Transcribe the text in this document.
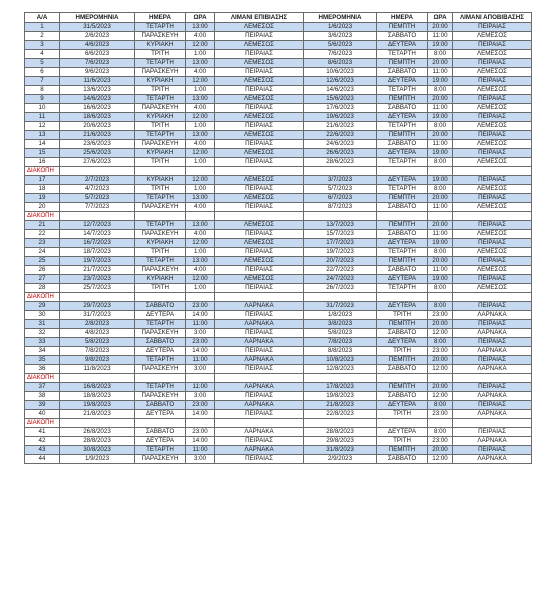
Α/Α	ΗΜΕΡΟΜΗΝΙΑ	ΗΜΕΡΑ	ΩΡΑ	ΛΙΜΑΝΙ ΕΠΙΒΙΑΣΗΣ	ΗΜΕΡΟΜΗΝΙΑ	ΗΜΕΡΑ	ΩΡΑ	ΛΙΜΑΝΙ ΑΠΟΒΙΒΑΣΗΣ
1	31/5/2023	ΤΕΤΑΡΤΗ	13:00	ΛΕΜΕΣΟΣ	1/6/2023	ΠΕΜΠΤΗ	20:00	ΠΕΙΡΑΙΑΣ
2	2/6/2023	ΠΑΡΑΣΚΕΥΗ	4:00	ΠΕΙΡΑΙΑΣ	3/6/2023	ΣΑΒΒΑΤΟ	11:00	ΛΕΜΕΣΟΣ
3	4/6/2023	ΚΥΡΙΑΚΗ	12:00	ΛΕΜΕΣΟΣ	5/6/2023	ΔΕΥΤΕΡΑ	19:00	ΠΕΙΡΑΙΑΣ
4	6/6/2023	ΤΡΙΤΗ	1:00	ΠΕΙΡΑΙΑΣ	7/6/2023	ΤΕΤΑΡΤΗ	8:00	ΛΕΜΕΣΟΣ
5	7/6/2023	ΤΕΤΑΡΤΗ	13:00	ΛΕΜΕΣΟΣ	8/6/2023	ΠΕΜΠΤΗ	20:00	ΠΕΙΡΑΙΑΣ
6	9/6/2023	ΠΑΡΑΣΚΕΥΗ	4:00	ΠΕΙΡΑΙΑΣ	10/6/2023	ΣΑΒΒΑΤΟ	11:00	ΛΕΜΕΣΟΣ
7	11/6/2023	ΚΥΡΙΑΚΗ	12:00	ΛΕΜΕΣΟΣ	12/6/2023	ΔΕΥΤΕΡΑ	19:00	ΠΕΙΡΑΙΑΣ
8	13/6/2023	ΤΡΙΤΗ	1:00	ΠΕΙΡΑΙΑΣ	14/6/2023	ΤΕΤΑΡΤΗ	8:00	ΛΕΜΕΣΟΣ
9	14/6/2023	ΤΕΤΑΡΤΗ	13:00	ΛΕΜΕΣΟΣ	15/6/2023	ΠΕΜΠΤΗ	20:00	ΠΕΙΡΑΙΑΣ
10	16/6/2023	ΠΑΡΑΣΚΕΥΗ	4:00	ΠΕΙΡΑΙΑΣ	17/6/2023	ΣΑΒΒΑΤΟ	11:00	ΛΕΜΕΣΟΣ
11	18/6/2023	ΚΥΡΙΑΚΗ	12:00	ΛΕΜΕΣΟΣ	19/6/2023	ΔΕΥΤΕΡΑ	19:00	ΠΕΙΡΑΙΑΣ
12	20/6/2023	ΤΡΙΤΗ	1:00	ΠΕΙΡΑΙΑΣ	21/6/2023	ΤΕΤΑΡΤΗ	8:00	ΛΕΜΕΣΟΣ
13	21/6/2023	ΤΕΤΑΡΤΗ	13:00	ΛΕΜΕΣΟΣ	22/6/2023	ΠΕΜΠΤΗ	20:00	ΠΕΙΡΑΙΑΣ
14	23/6/2023	ΠΑΡΑΣΚΕΥΗ	4:00	ΠΕΙΡΑΙΑΣ	24/6/2023	ΣΑΒΒΑΤΟ	11:00	ΛΕΜΕΣΟΣ
15	25/6/2023	ΚΥΡΙΑΚΗ	12:00	ΛΕΜΕΣΟΣ	26/6/2023	ΔΕΥΤΕΡΑ	19:00	ΠΕΙΡΑΙΑΣ
16	27/6/2023	ΤΡΙΤΗ	1:00	ΠΕΙΡΑΙΑΣ	28/6/2023	ΤΕΤΑΡΤΗ	8:00	ΛΕΜΕΣΟΣ
ΔΙΑΚΟΠΗ								
17	2/7/2023	ΚΥΡΙΑΚΗ	12:00	ΛΕΜΕΣΟΣ	3/7/2023	ΔΕΥΤΕΡΑ	19:00	ΠΕΙΡΑΙΑΣ
18	4/7/2023	ΤΡΙΤΗ	1:00	ΠΕΙΡΑΙΑΣ	5/7/2023	ΤΕΤΑΡΤΗ	8:00	ΛΕΜΕΣΟΣ
19	5/7/2023	ΤΕΤΑΡΤΗ	13:00	ΛΕΜΕΣΟΣ	6/7/2023	ΠΕΜΠΤΗ	20:00	ΠΕΙΡΑΙΑΣ
20	7/7/2023	ΠΑΡΑΣΚΕΥΗ	4:00	ΠΕΙΡΑΙΑΣ	8/7/2023	ΣΑΒΒΑΤΟ	11:00	ΛΕΜΕΣΟΣ
ΔΙΑΚΟΠΗ								
21	12/7/2023	ΤΕΤΑΡΤΗ	13:00	ΛΕΜΕΣΟΣ	13/7/2023	ΠΕΜΠΤΗ	20:00	ΠΕΙΡΑΙΑΣ
22	14/7/2023	ΠΑΡΑΣΚΕΥΗ	4:00	ΠΕΙΡΑΙΑΣ	15/7/2023	ΣΑΒΒΑΤΟ	11:00	ΛΕΜΕΣΟΣ
23	16/7/2023	ΚΥΡΙΑΚΗ	12:00	ΛΕΜΕΣΟΣ	17/7/2023	ΔΕΥΤΕΡΑ	19:00	ΠΕΙΡΑΙΑΣ
24	18/7/2023	ΤΡΙΤΗ	1:00	ΠΕΙΡΑΙΑΣ	19/7/2023	ΤΕΤΑΡΤΗ	8:00	ΛΕΜΕΣΟΣ
25	19/7/2023	ΤΕΤΑΡΤΗ	13:00	ΛΕΜΕΣΟΣ	20/7/2023	ΠΕΜΠΤΗ	20:00	ΠΕΙΡΑΙΑΣ
26	21/7/2023	ΠΑΡΑΣΚΕΥΗ	4:00	ΠΕΙΡΑΙΑΣ	22/7/2023	ΣΑΒΒΑΤΟ	11:00	ΛΕΜΕΣΟΣ
27	23/7/2023	ΚΥΡΙΑΚΗ	12:00	ΛΕΜΕΣΟΣ	24/7/2023	ΔΕΥΤΕΡΑ	19:00	ΠΕΙΡΑΙΑΣ
28	25/7/2023	ΤΡΙΤΗ	1:00	ΠΕΙΡΑΙΑΣ	26/7/2023	ΤΕΤΑΡΤΗ	8:00	ΛΕΜΕΣΟΣ
ΔΙΑΚΟΠΗ								
29	29/7/2023	ΣΑΒΒΑΤΟ	23:00	ΛΑΡΝΑΚΑ	31/7/2023	ΔΕΥΤΕΡΑ	8:00	ΠΕΙΡΑΙΑΣ
30	31/7/2023	ΔΕΥΤΕΡΑ	14:00	ΠΕΙΡΑΙΑΣ	1/8/2023	ΤΡΙΤΗ	23:00	ΛΑΡΝΑΚΑ
31	2/8/2023	ΤΕΤΑΡΤΗ	11:00	ΛΑΡΝΑΚΑ	3/8/2023	ΠΕΜΠΤΗ	20:00	ΠΕΙΡΑΙΑΣ
32	4/8/2023	ΠΑΡΑΣΚΕΥΗ	3:00	ΠΕΙΡΑΙΑΣ	5/8/2023	ΣΑΒΒΑΤΟ	12:00	ΛΑΡΝΑΚΑ
33	5/8/2023	ΣΑΒΒΑΤΟ	23:00	ΛΑΡΝΑΚΑ	7/8/2023	ΔΕΥΤΕΡΑ	8:00	ΠΕΙΡΑΙΑΣ
34	7/8/2023	ΔΕΥΤΕΡΑ	14:00	ΠΕΙΡΑΙΑΣ	8/8/2023	ΤΡΙΤΗ	23:00	ΛΑΡΝΑΚΑ
35	9/8/2023	ΤΕΤΑΡΤΗ	11:00	ΛΑΡΝΑΚΑ	10/8/2023	ΠΕΜΠΤΗ	20:00	ΠΕΙΡΑΙΑΣ
36	11/8/2023	ΠΑΡΑΣΚΕΥΗ	3:00	ΠΕΙΡΑΙΑΣ	12/8/2023	ΣΑΒΒΑΤΟ	12:00	ΛΑΡΝΑΚΑ
ΔΙΑΚΟΠΗ								
37	16/8/2023	ΤΕΤΑΡΤΗ	11:00	ΛΑΡΝΑΚΑ	17/8/2023	ΠΕΜΠΤΗ	20:00	ΠΕΙΡΑΙΑΣ
38	18/8/2023	ΠΑΡΑΣΚΕΥΗ	3:00	ΠΕΙΡΑΙΑΣ	19/8/2023	ΣΑΒΒΑΤΟ	12:00	ΛΑΡΝΑΚΑ
39	19/8/2023	ΣΑΒΒΑΤΟ	23:00	ΛΑΡΝΑΚΑ	21/8/2023	ΔΕΥΤΕΡΑ	8:00	ΠΕΙΡΑΙΑΣ
40	21/8/2023	ΔΕΥΤΕΡΑ	14:00	ΠΕΙΡΑΙΑΣ	22/8/2023	ΤΡΙΤΗ	23:00	ΛΑΡΝΑΚΑ
ΔΙΑΚΟΠΗ								
41	26/8/2023	ΣΑΒΒΑΤΟ	23:00	ΛΑΡΝΑΚΑ	28/8/2023	ΔΕΥΤΕΡΑ	8:00	ΠΕΙΡΑΙΑΣ
42	28/8/2023	ΔΕΥΤΕΡΑ	14:00	ΠΕΙΡΑΙΑΣ	29/8/2023	ΤΡΙΤΗ	23:00	ΛΑΡΝΑΚΑ
43	30/8/2023	ΤΕΤΑΡΤΗ	11:00	ΛΑΡΝΑΚΑ	31/8/2023	ΠΕΜΠΤΗ	20:00	ΠΕΙΡΑΙΑΣ
44	1/9/2023	ΠΑΡΑΣΚΕΥΗ	3:00	ΠΕΙΡΑΙΑΣ	2/9/2023	ΣΑΒΒΑΤΟ	12:00	ΛΑΡΝΑΚΑ
